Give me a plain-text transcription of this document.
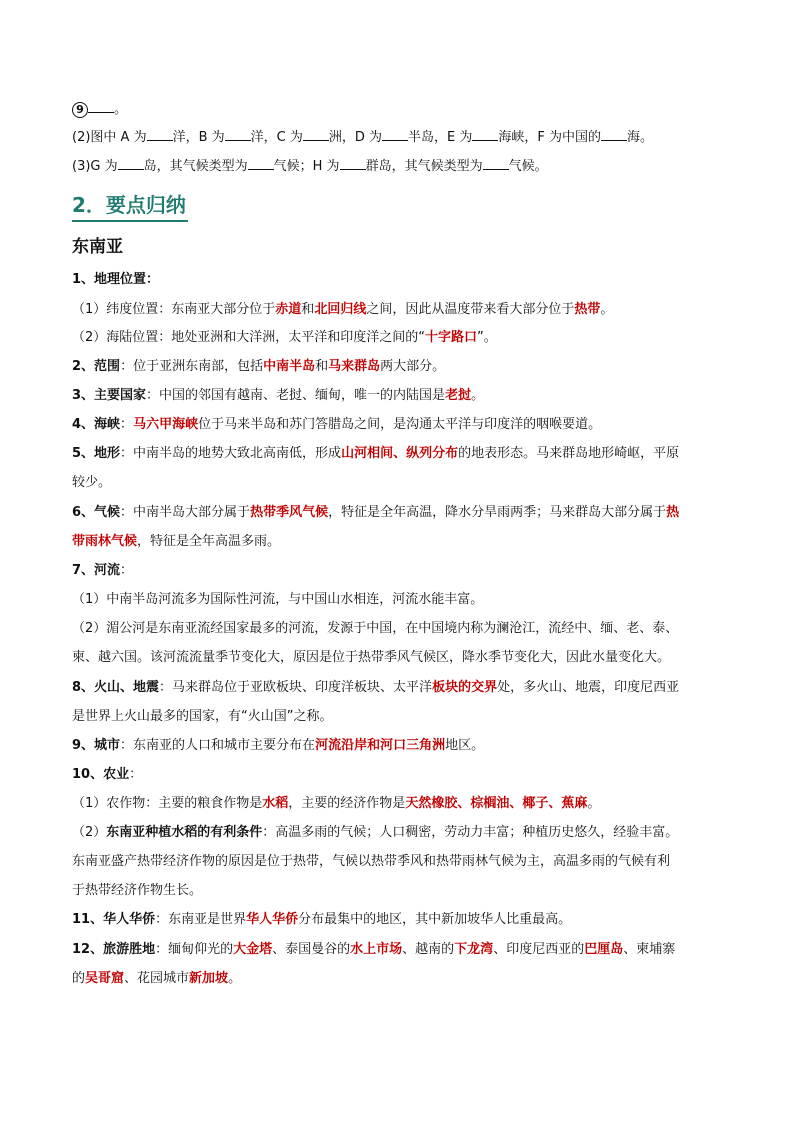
9 。
(2)图中 A 为 洋，B 为 洋，C 为 洲，D 为 半岛，E 为 海峡，F 为中国的 海。
(3)G 为 岛，其气候类型为 气候；H 为 群岛，其气候类型为 气候。
2．要点归纳
东南亚
1、地理位置：
（1）纬度位置：东南亚大部分位于赤道和北回归线之间，因此从温度带来看大部分位于热带。
（2）海陆位置：地处亚洲和大洋洲，太平洋和印度洋之间的“十字路口”。
2、范围：位于亚洲东南部，包括中南半岛和马来群岛两大部分。
3、主要国家：中国的邻国有越南、老挝、缅甸，唯一的内陆国是老挝。
4、海峡：马六甲海峡位于马来半岛和苏门答腊岛之间，是沟通太平洋与印度洋的咽喉要道。
5、地形：中南半岛的地势大致北高南低，形成山河相间、纵列分布的地表形态。马来群岛地形崎岖，平原
较少。
6、气候：中南半岛大部分属于热带季风气候，特征是全年高温，降水分旱雨两季；马来群岛大部分属于热
带雨林气候，特征是全年高温多雨。
7、河流：
（1）中南半岛河流多为国际性河流，与中国山水相连，河流水能丰富。
（2）湄公河是东南亚流经国家最多的河流，发源于中国，在中国境内称为澜沧江，流经中、缅、老、泰、
柬、越六国。该河流流量季节变化大，原因是位于热带季风气候区，降水季节变化大，因此水量变化大。
8、火山、地震：马来群岛位于亚欧板块、印度洋板块、太平洋板块的交界处，多火山、地震，印度尼西亚
是世界上火山最多的国家，有“火山国”之称。
9、城市：东南亚的人口和城市主要分布在河流沿岸和河口三角洲地区。
10、农业：
（1）农作物：主要的粮食作物是水稻，主要的经济作物是天然橡胶、棕榈油、椰子、蕉麻。
（2）东南亚种植水稻的有利条件：高温多雨的气候；人口稠密，劳动力丰富；种植历史悠久，经验丰富。
东南亚盛产热带经济作物的原因是位于热带，气候以热带季风和热带雨林气候为主，高温多雨的气候有利
于热带经济作物生长。
11、华人华侨：东南亚是世界华人华侨分布最集中的地区，其中新加坡华人比重最高。
12、旅游胜地：缅甸仰光的大金塔、泰国曼谷的水上市场、越南的下龙湾、印度尼西亚的巴厘岛、柬埔寨
的吴哥窟、花园城市新加坡。
